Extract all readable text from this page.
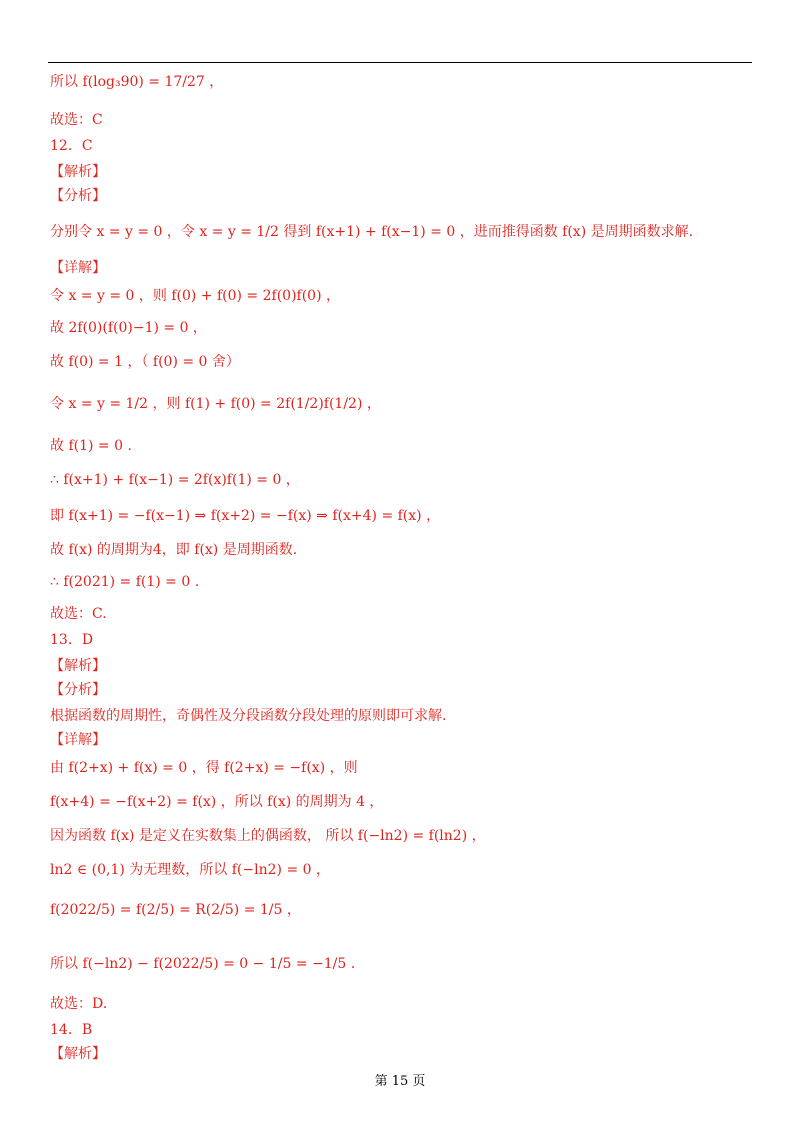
所以 f(log₃90) = 17/27 ，
故选：C
12．C
【解析】
【分析】
分别令 x = y = 0 ，令 x = y = 1/2 得到 f(x+1) + f(x−1) = 0 ，进而推得函数 f(x) 是周期函数求解.
【详解】
令 x = y = 0 ，则 f(0) + f(0) = 2f(0)f(0) ，
故 2f(0)(f(0)−1) = 0 ，
故 f(0) = 1 ，（ f(0) = 0 舍）
令 x = y = 1/2 ，则 f(1) + f(0) = 2f(1/2)f(1/2) ，
故 f(1) = 0 .
∴ f(x+1) + f(x−1) = 2f(x)f(1) = 0 ，
即 f(x+1) = −f(x−1) ⇒ f(x+2) = −f(x) ⇒ f(x+4) = f(x) ，
故 f(x) 的周期为4，即 f(x) 是周期函数.
∴ f(2021) = f(1) = 0 .
故选：C.
13．D
【解析】
【分析】
根据函数的周期性，奇偶性及分段函数分段处理的原则即可求解.
【详解】
由 f(2+x) + f(x) = 0 ，得 f(2+x) = −f(x) ，则
f(x+4) = −f(x+2) = f(x) ，所以 f(x) 的周期为 4 ，
因为函数 f(x) 是定义在实数集上的偶函数， 所以 f(−ln2) = f(ln2) ，
ln2 ∈ (0,1) 为无理数，所以 f(−ln2) = 0 ，
f(2022/5) = f(2/5) = R(2/5) = 1/5 ，
所以 f(−ln2) − f(2022/5) = 0 − 1/5 = −1/5 .
故选：D.
14．B
【解析】
第 15 页
